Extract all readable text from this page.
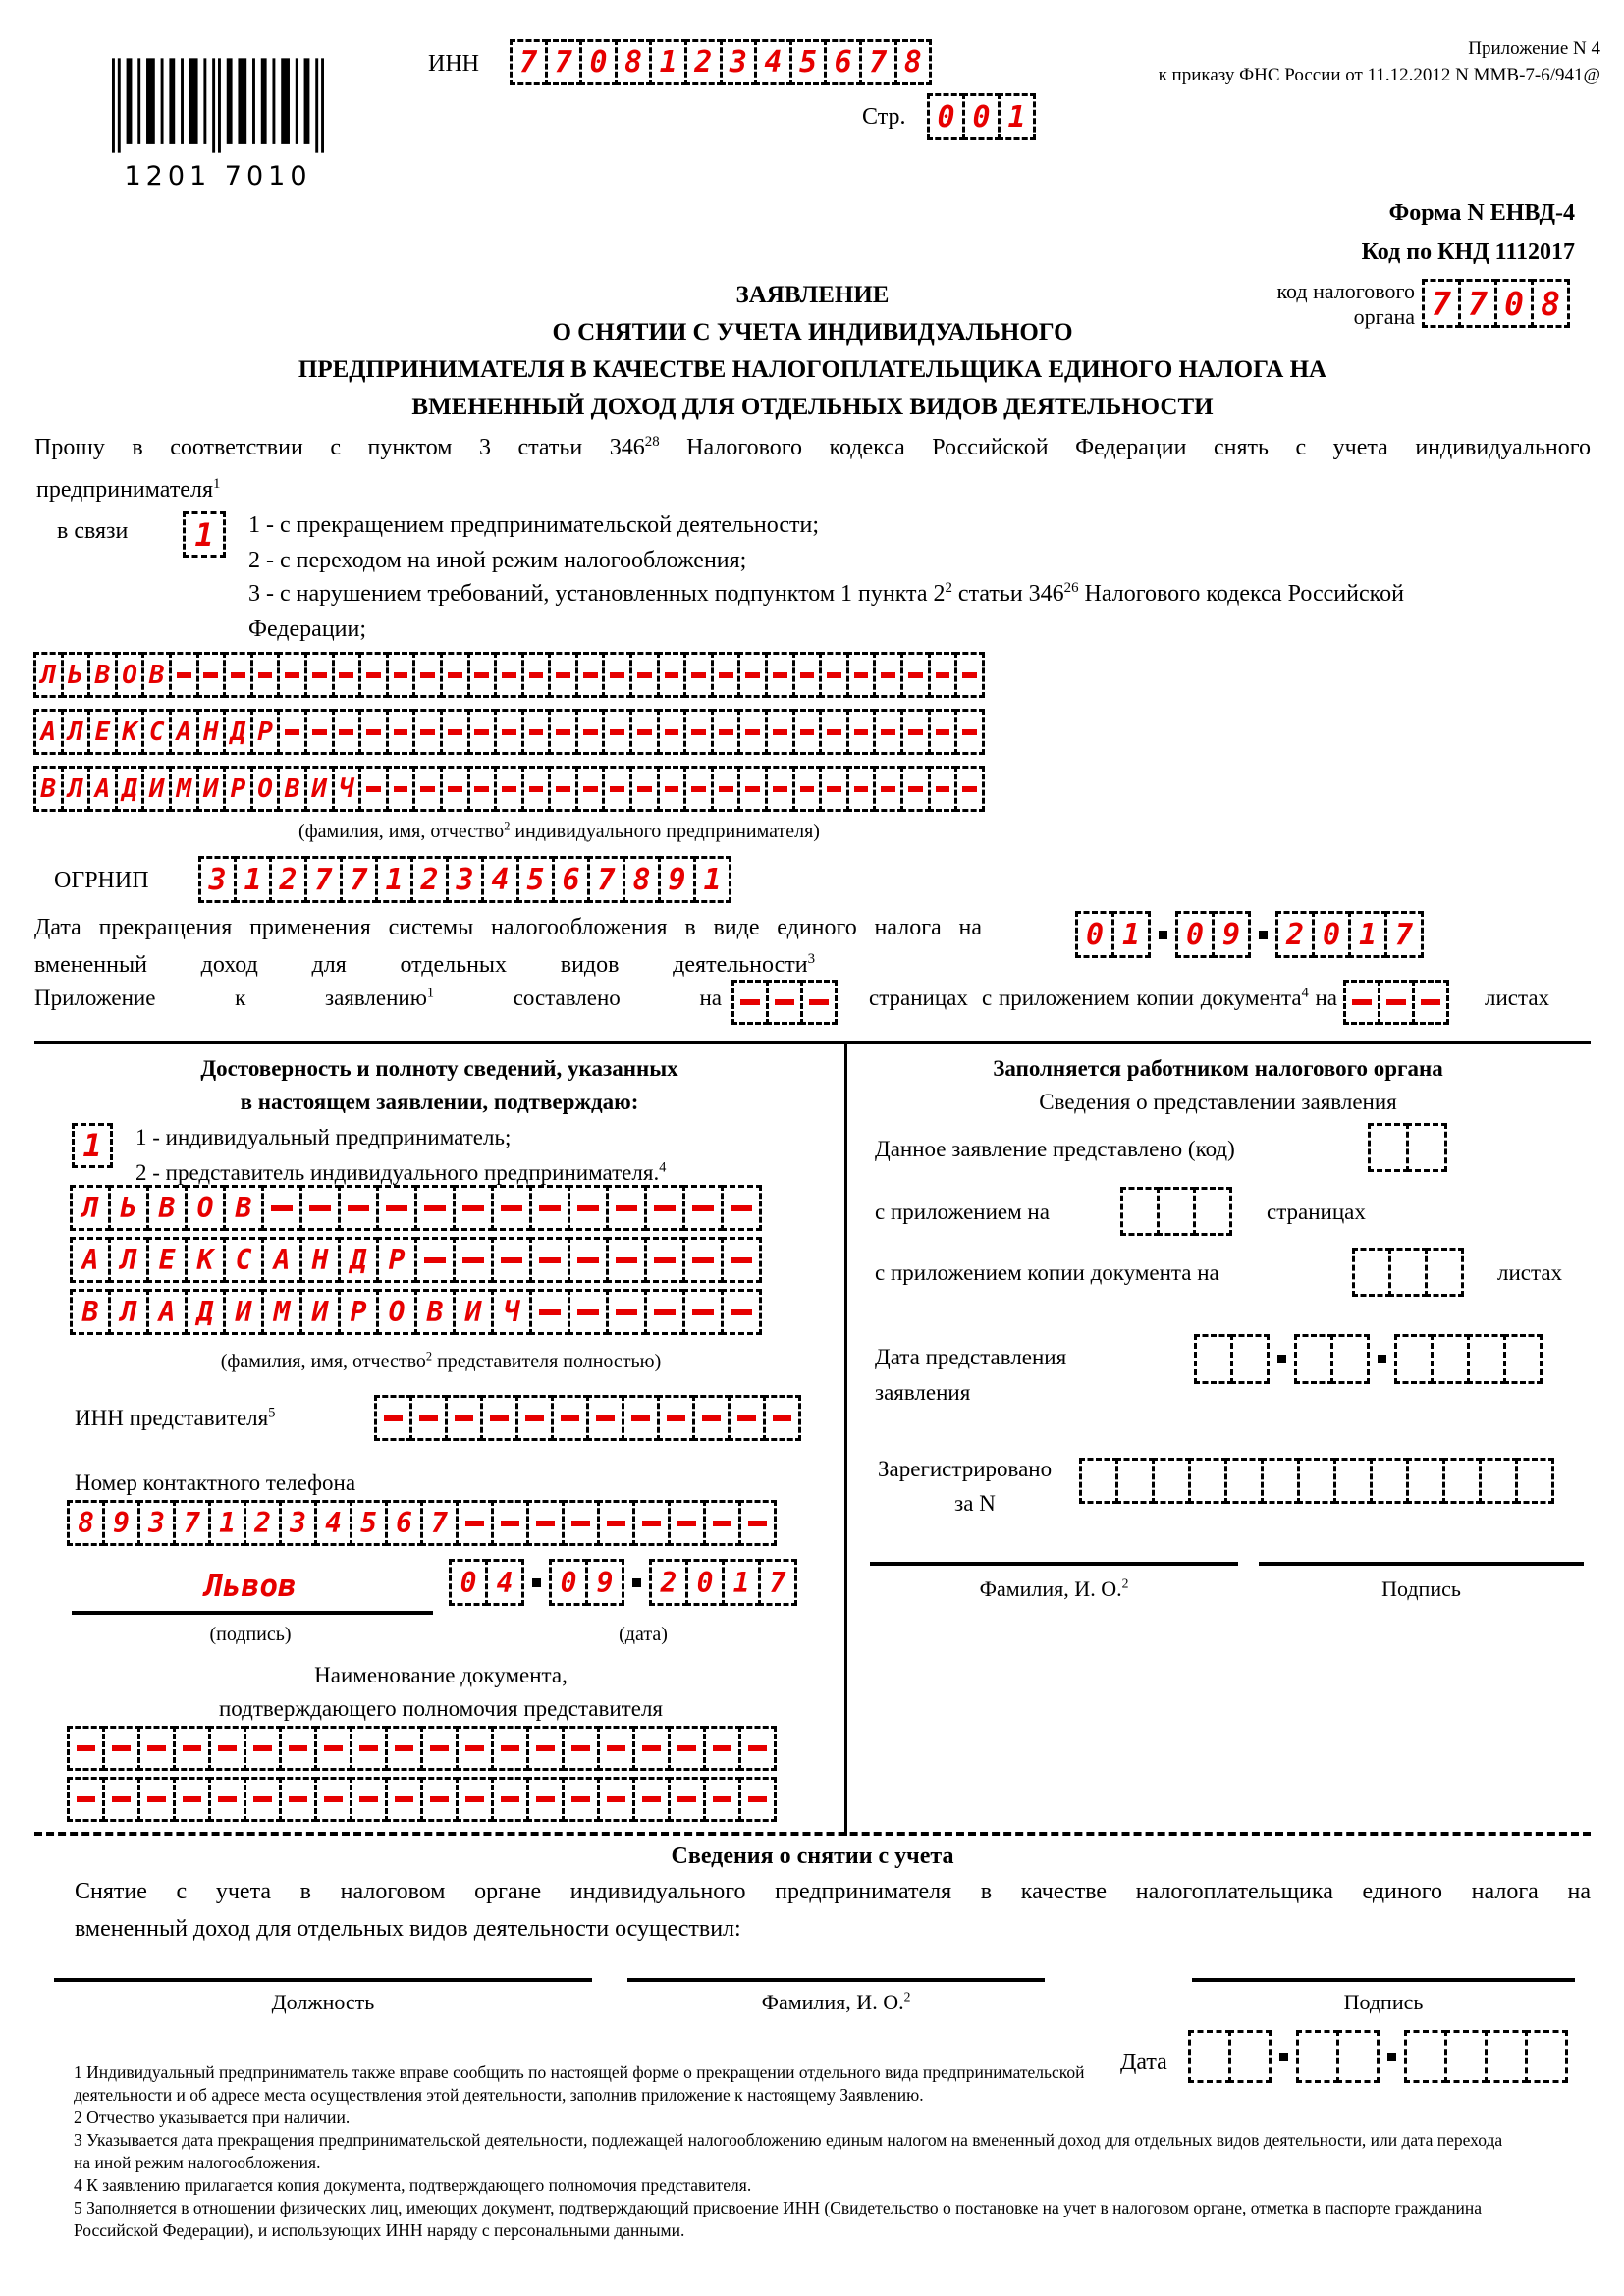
1201 7010
ИНН	7 7 0 8 1 2 3 4 5 6 7 8
Стр.	0 0 1
Приложение N 4
к приказу ФНС России от 11.12.2012 N ММВ-7-6/941@
Форма N ЕНВД-4
Код по КНД 1112017
ЗАЯВЛЕНИЕ
О СНЯТИИ С УЧЕТА ИНДИВИДУАЛЬНОГО
ПРЕДПРИНИМАТЕЛЯ В КАЧЕСТВЕ НАЛОГОПЛАТЕЛЬЩИКА ЕДИНОГО НАЛОГА НА
ВМЕНЕННЫЙ ДОХОД ДЛЯ ОТДЕЛЬНЫХ ВИДОВ ДЕЯТЕЛЬНОСТИ
код налогового
органа 7 7 0 8
Прошу в соответствии с пунктом 3 статьи $346^{28}$ Налогового кодекса Российской Федерации снять с учета индивидуального
предпринимателя$^1$
в связи	1	1 - с прекращением предпринимательской деятельности;
2 - с переходом на иной режим налогообложения;
3 - с нарушением требований, установленных подпунктом 1 пункта $2^2$ статьи $346^{26}$ Налогового кодекса Российской
Федерации;
Л Ь В О В
А Л Е К С А Н Д Р
В Л А Д И М И Р О В И Ч
(фамилия, имя, отчество$^2$ индивидуального предпринимателя)
ОГРНИП	3 1 2 7 7 1 2 3 4 5 6 7 8 9 1
Дата прекращения применения системы налогообложения в виде единого налога на
вмененный доход для отдельных видов деятельности$^3$
0 1	0 9	2 0 1 7
Приложение к заявлению$^1$	составлено на	страницах с приложением копии документа$^4$ на	листах
Достоверность и полноту сведений, указанных
в настоящем заявлении, подтверждаю:
1	1 - индивидуальный предприниматель;
2 - представитель индивидуального предпринимателя.$^4$
Л Ь В О В
А Л Е К С А Н Д Р
В Л А Д И М И Р О В И Ч
(фамилия, имя, отчество$^2$ представителя полностью)
ИНН представителя$^5$
Номер контактного телефона
8 9 3 7 1 2 3 4 5 6 7
Львов	0 4	0 9	2 0 1 7
(подпись)	(дата)
Наименование документа,
подтверждающего полномочия представителя
Заполняется работником налогового органа
Сведения о представлении заявления
Данное заявление представлено (код)
с приложением на	страницах
с приложением копии документа на	листах
Дата представления
заявления
Зарегистрировано
за N
Фамилия, И. О.$^2$	Подпись
Сведения о снятии с учета
Снятие с учета в налоговом органе индивидуального предпринимателя в качестве налогоплательщика единого налога на
вмененный доход для отдельных видов деятельности осуществил:
Должность	Фамилия, И. О.$^2$	Подпись
Дата
1 Индивидуальный предприниматель также вправе сообщить по настоящей форме о прекращении отдельного вида предпринимательской
деятельности и об адресе места осуществления этой деятельности, заполнив приложение к настоящему Заявлению.
2 Отчество указывается при наличии.
3 Указывается дата прекращения предпринимательской деятельности, подлежащей налогообложению единым налогом на вмененный доход для отдельных видов деятельности, или дата перехода
на иной режим налогообложения.
4 К заявлению прилагается копия документа, подтверждающего полномочия представителя.
5 Заполняется в отношении физических лиц, имеющих документ, подтверждающий присвоение ИНН (Свидетельство о постановке на учет в налоговом органе, отметка в паспорте гражданина
Российской Федерации), и использующих ИНН наряду с персональными данными.
